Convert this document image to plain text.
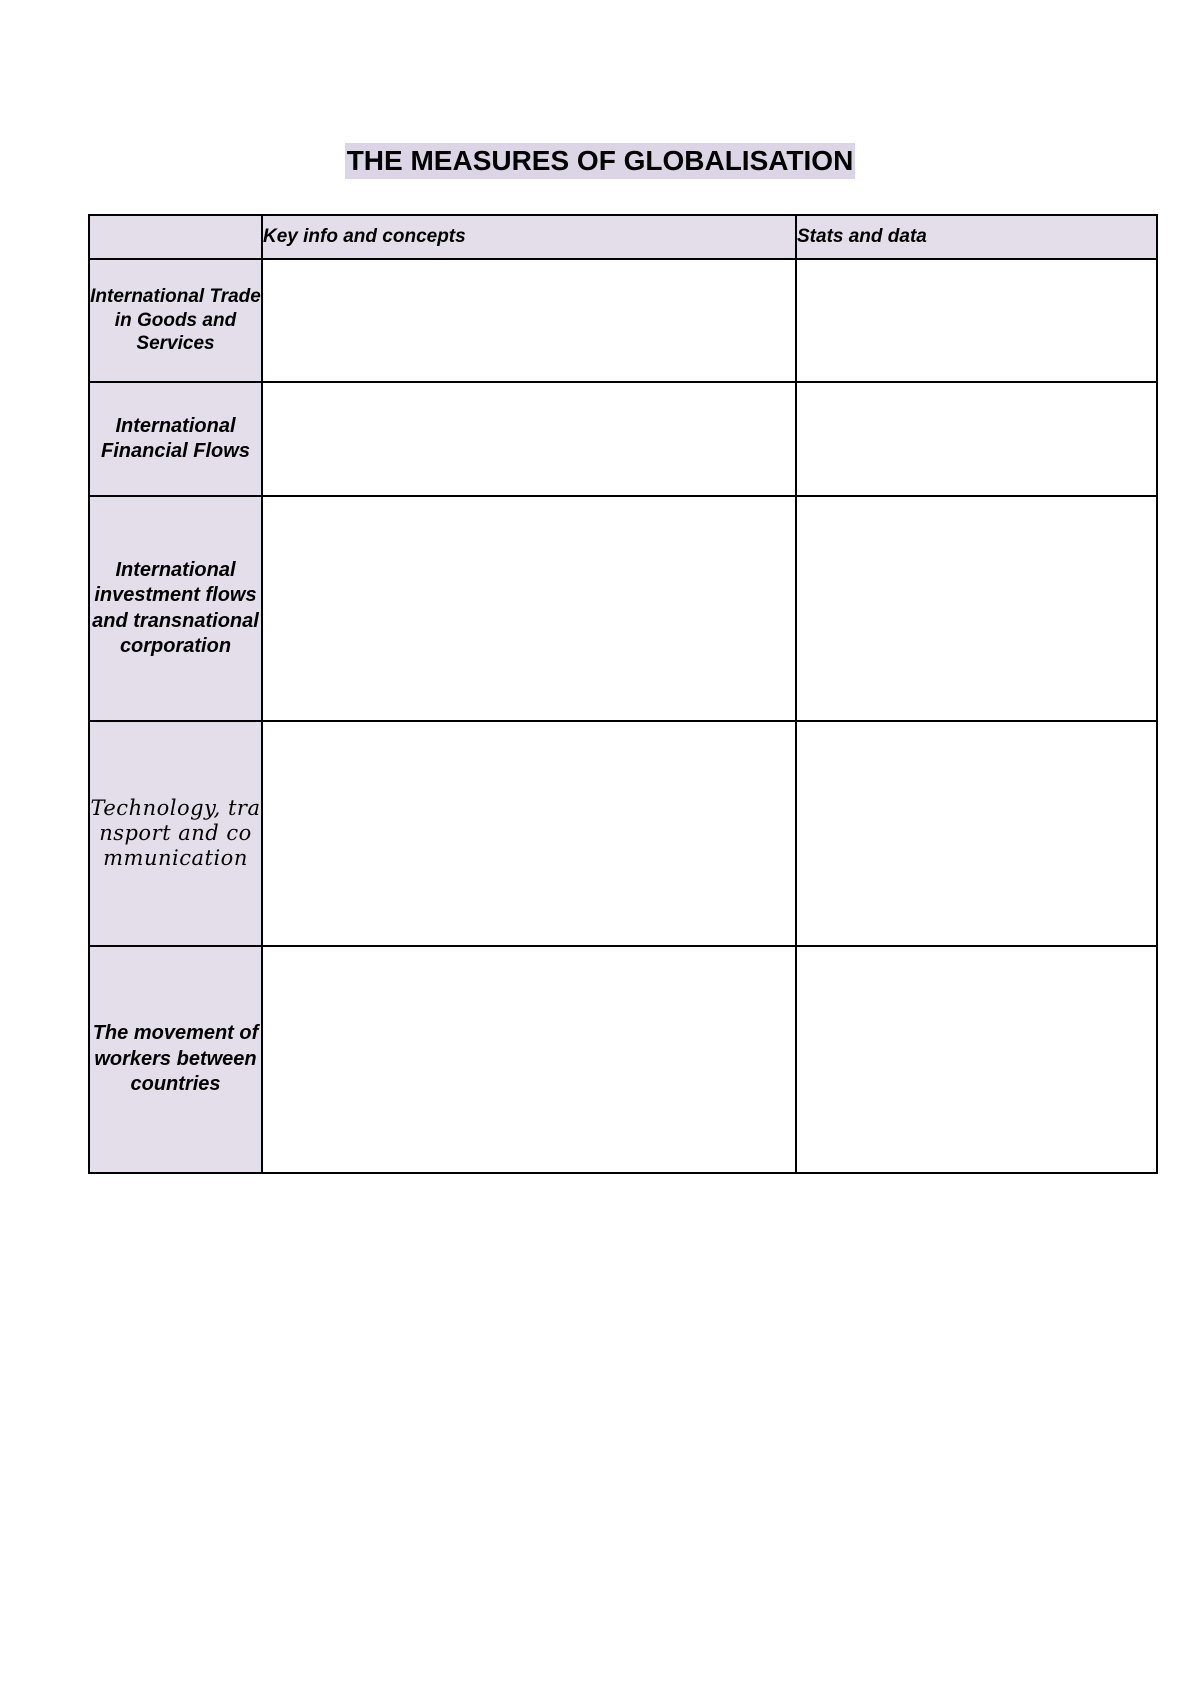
THE MEASURES OF GLOBALISATION
	Key info and concepts	Stats and data
International Trade in Goods and Services		
International Financial Flows		
International investment flows and transnational corporation		
Technology, transport and communication		
The movement of workers between countries		
